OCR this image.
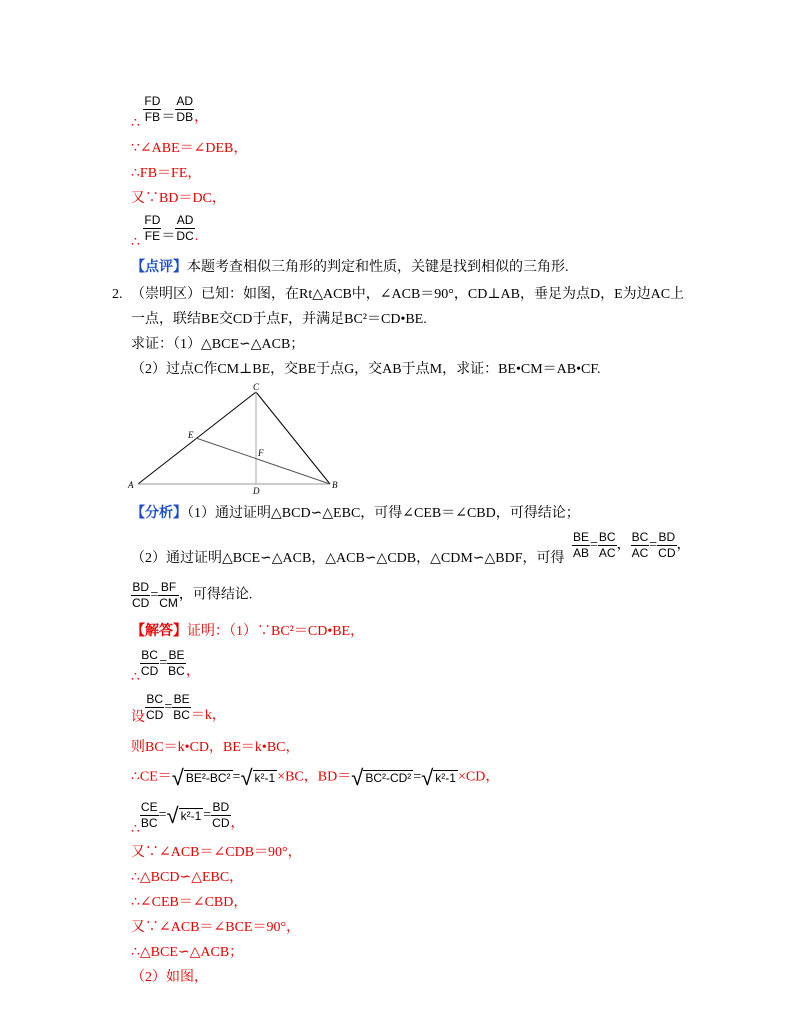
∴ $\frac{FD}{FB} = \frac{AD}{DB}$ ，
∵∠ABE＝∠DEB，
∴FB＝FE，
又∵BD＝DC，
∴ $\frac{FD}{FE} = \frac{AD}{DC}$ .
【点评】本题考查相似三角形的判定和性质，关键是找到相似的三角形.
2. （崇明区）已知：如图，在Rt△ACB中，∠ACB＝90°，CD⊥AB，垂足为点D，E为边AC上
一点，联结BE交CD于点F，并满足BC²＝CD•BE.
求证：（1）△BCE∽△ACB；
（2）过点C作CM⊥BE，交BE于点G，交AB于点M，求证：BE•CM＝AB•CF.
C
E
F
A
D
B
【分析】（1）通过证明△BCD∽△EBC，可得∠CEB＝∠CBD，可得结论；
（2）通过证明△BCE∽△ACB，△ACB∽△CDB，△CDM∽△BDF，可得 $\frac{BE}{AB} = \frac{BC}{AC}$ ， $\frac{BC}{AC} = \frac{BD}{CD}$ ，
$\frac{BD}{CD} = \frac{BF}{CM}$ ，可得结论.
【解答】证明：（1）∵BC²＝CD•BE，
∴ $\frac{BC}{CD} = \frac{BE}{BC}$ ，
设 $\frac{BC}{CD} = \frac{BE}{BC} =k$，
则BC＝k•CD，BE＝k•BC，
∴CE＝√ BE²-BC² =√ k²-1 ×BC，BD＝√ BC²-CD² =√ k²-1 ×CD，
∴ $\frac{CE}{BC}$ =√ $k^2-1 = \frac{BD}{CD}$ ，
又∵∠ACB＝∠CDB＝90°，
∴△BCD∽△EBC，
∴∠CEB＝∠CBD，
又∵∠ACB＝∠BCE＝90°，
∴△BCE∽△ACB；
（2）如图，
